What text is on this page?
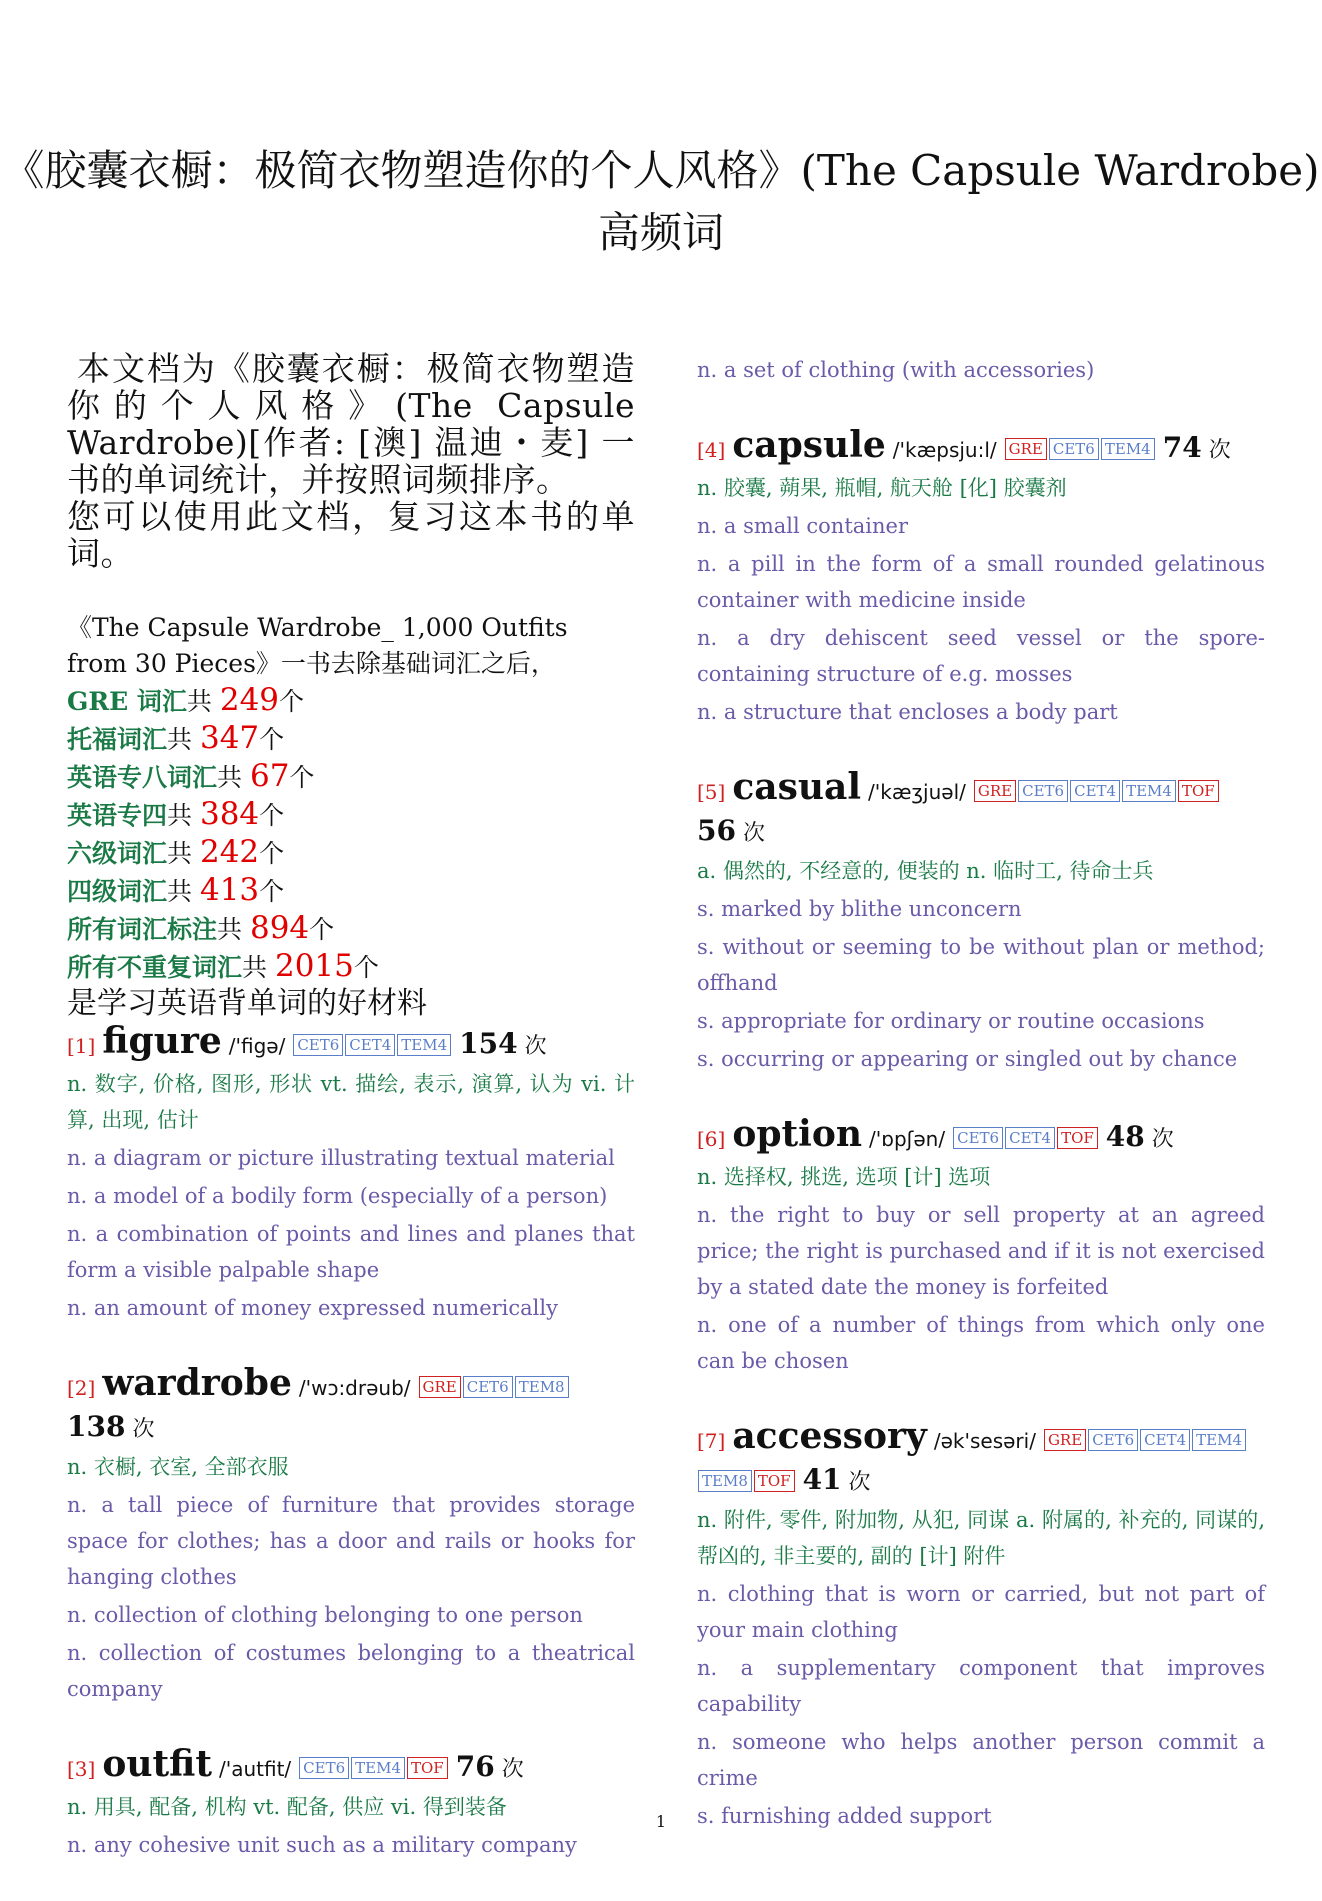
《胶囊衣橱：极简衣物塑造你的个人风格》(The Capsule Wardrobe)
高频词
本文档为《胶囊衣橱：极简衣物塑造你的个人风格》(The Capsule Wardrobe)[作者: [澳] 温迪・麦] 一书的单词统计，并按照词频排序。
您可以使用此文档，复习这本书的单词。
《The Capsule Wardrobe_ 1,000 Outfits from 30 Pieces》一书去除基础词汇之后，
GRE 词汇共 249个
托福词汇共 347个
英语专八词汇共 67个
英语专四共 384个
六级词汇共 242个
四级词汇共 413个
所有词汇标注共 894个
所有不重复词汇共 2015个
是学习英语背单词的好材料
[1] figure /'figə/ CET6 CET4 TEM4 154 次
n. 数字, 价格, 图形, 形状 vt. 描绘, 表示, 演算, 认为 vi. 计算, 出现, 估计
n. a diagram or picture illustrating textual material
n. a model of a bodily form (especially of a person)
n. a combination of points and lines and planes that form a visible palpable shape
n. an amount of money expressed numerically
[2] wardrobe /'wɔ:drəub/ GRE CET6 TEM8 138 次
n. 衣橱, 衣室, 全部衣服
n. a tall piece of furniture that provides storage space for clothes; has a door and rails or hooks for hanging clothes
n. collection of clothing belonging to one person
n. collection of costumes belonging to a theatrical company
[3] outfit /'autfit/ CET6 TEM4 TOF 76 次
n. 用具, 配备, 机构 vt. 配备, 供应 vi. 得到装备
n. any cohesive unit such as a military company
n. a set of clothing (with accessories)
[4] capsule /'kæpsju:l/ GRE CET6 TEM4 74 次
n. 胶囊, 蒴果, 瓶帽, 航天舱 [化] 胶囊剂
n. a small container
n. a pill in the form of a small rounded gelatinous container with medicine inside
n. a dry dehiscent seed vessel or the spore-containing structure of e.g. mosses
n. a structure that encloses a body part
[5] casual /'kæʒjuəl/ GRE CET6 CET4 TEM4 TOF 56 次
a. 偶然的, 不经意的, 便装的 n. 临时工, 待命士兵
s. marked by blithe unconcern
s. without or seeming to be without plan or method; offhand
s. appropriate for ordinary or routine occasions
s. occurring or appearing or singled out by chance
[6] option /'ɒpʃən/ CET6 CET4 TOF 48 次
n. 选择权, 挑选, 选项 [计] 选项
n. the right to buy or sell property at an agreed price; the right is purchased and if it is not exercised by a stated date the money is forfeited
n. one of a number of things from which only one can be chosen
[7] accessory /ək'sesəri/ GRE CET6 CET4 TEM4TEM8 TOF 41 次
n. 附件, 零件, 附加物, 从犯, 同谋 a. 附属的, 补充的, 同谋的, 帮凶的, 非主要的, 副的 [计] 附件
n. clothing that is worn or carried, but not part of your main clothing
n. a supplementary component that improves capability
n. someone who helps another person commit a crime
s. furnishing added support
1
